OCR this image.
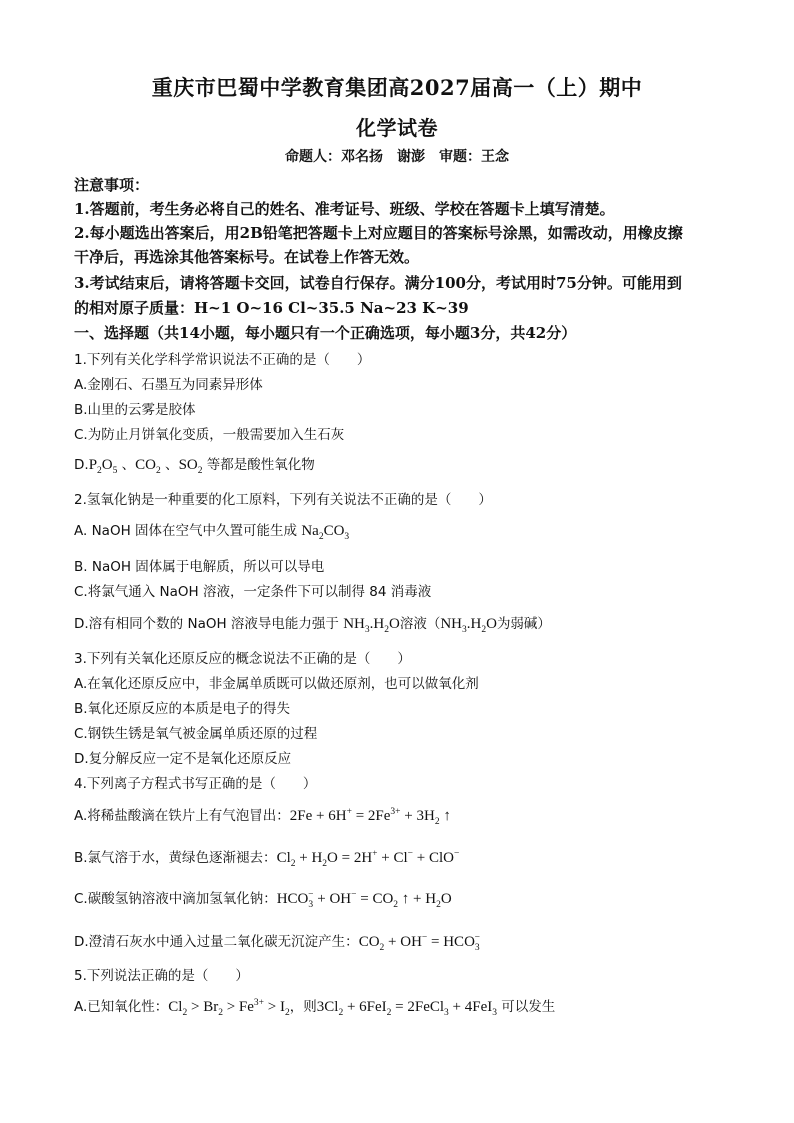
重庆市巴蜀中学教育集团高2027届高一（上）期中
化学试卷
命题人：邓名扬　谢澎　审题：王念
注意事项：
1.答题前，考生务必将自己的姓名、准考证号、班级、学校在答题卡上填写清楚。
2.每小题选出答案后，用2B铅笔把答题卡上对应题目的答案标号涂黑，如需改动，用橡皮擦
干净后，再选涂其他答案标号。在试卷上作答无效。
3.考试结束后，请将答题卡交回，试卷自行保存。满分100分，考试用时75分钟。可能用到
的相对原子质量：H~1 O~16 Cl~35.5 Na~23 K~39
一、选择题（共14小题，每小题只有一个正确选项，每小题3分，共42分）
1.下列有关化学科学常识说法不正确的是（　　）
A.金刚石、石墨互为同素异形体
B.山里的云雾是胶体
C.为防止月饼氧化变质，一般需要加入生石灰
$D.P_2O_5$ 、$CO_2$ 、$SO_2$ 等都是酸性氧化物
2.氢氧化钠是一种重要的化工原料，下列有关说法不正确的是（　　）
A. NaOH 固体在空气中久置可能生成 $Na_2CO_3$
B. NaOH 固体属于电解质，所以可以导电
C.将氯气通入 NaOH 溶液，一定条件下可以制得 84 消毒液
D.溶有相同个数的 NaOH 溶液导电能力强于 $NH_3.H_2O$溶液（$NH_3.H_2O$为弱碱）
3.下列有关氧化还原反应的概念说法不正确的是（　　）
A.在氧化还原反应中，非金属单质既可以做还原剂，也可以做氧化剂
B.氧化还原反应的本质是电子的得失
C.钢铁生锈是氧气被金属单质还原的过程
D.复分解反应一定不是氧化还原反应
4.下列离子方程式书写正确的是（　　）
A.将稀盐酸滴在铁片上有气泡冒出：$2Fe + 6H^+ = 2Fe^{3+} + 3H_2$ ↑
B.氯气溶于水，黄绿色逐渐褪去：$Cl_2 + H_2O = 2H^+ + Cl^- + ClO^-$
C.碳酸氢钠溶液中滴加氢氧化钠：$HCO_3^- + OH^- = CO_2$ ↑ + $H_2O$
D.澄清石灰水中通入过量二氧化碳无沉淀产生：$CO_2 + OH^- = HCO_3^-$
5.下列说法正确的是（　　）
A.已知氧化性：$Cl_2 > Br_2 > Fe^{3+} > I_2$，则$3Cl_2 + 6FeI_2$ = 2FeCl$_3$ + 4FeI$_3$ 可以发生
